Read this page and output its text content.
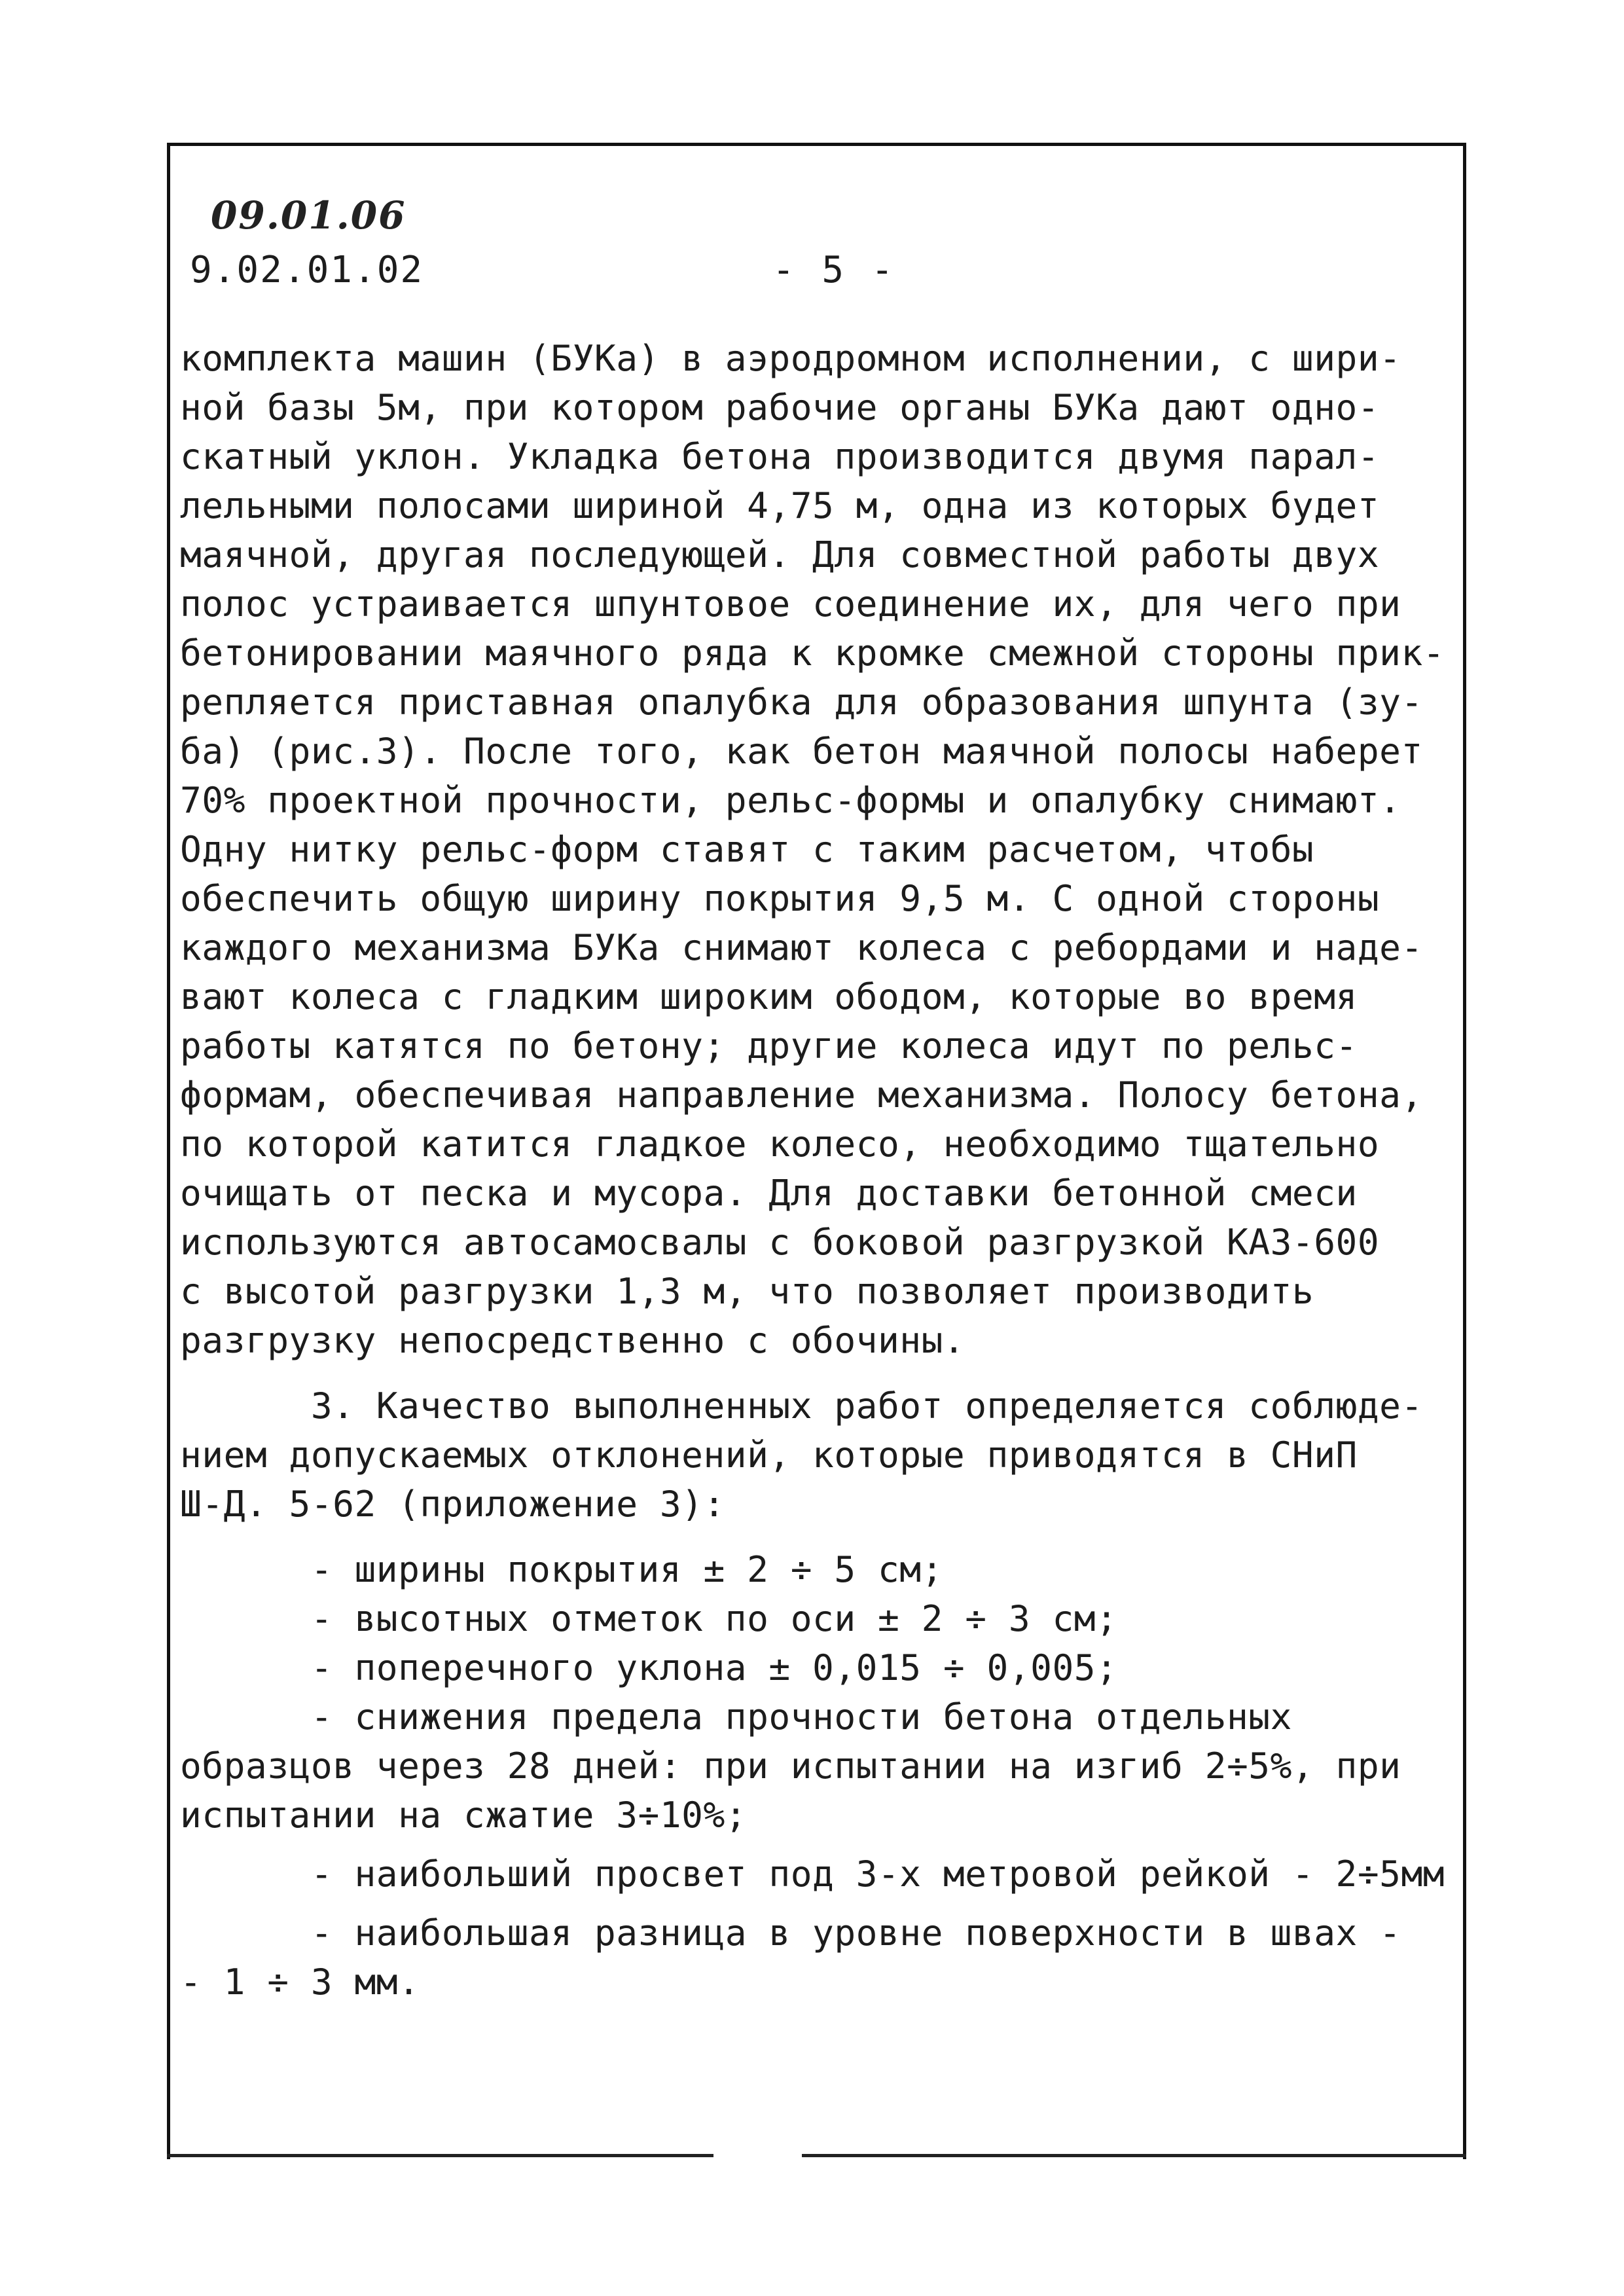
09.01.06
9.02.01.02	- 5 -
комплекта машин (БУКа) в аэродромном исполнении, с шири-
ной базы 5м, при котором рабочие органы БУКа дают одно-
скатный уклон. Укладка бетона производится двумя парал-
лельными полосами шириной 4,75 м, одна из которых будет
маячной, другая последующей. Для совместной работы двух
полос устраивается шпунтовое соединение их, для чего при
бетонировании маячного ряда к кромке смежной стороны прик-
репляется приставная опалубка для образования шпунта (зу-
ба) (рис.3). После того, как бетон маячной полосы наберет
70% проектной прочности, рельс-формы и опалубку снимают.
Одну нитку рельс-форм ставят с таким расчетом, чтобы
обеспечить общую ширину покрытия 9,5 м. С одной стороны
каждого механизма БУКа снимают колеса с ребордами и наде-
вают колеса с гладким широким ободом, которые во время
работы катятся по бетону; другие колеса идут по рельс-
формам, обеспечивая направление механизма. Полосу бетона,
по которой катится гладкое колесо, необходимо тщательно
очищать от песка и мусора. Для доставки бетонной смеси
используются автосамосвалы с боковой разгрузкой КАЗ-600
с высотой разгрузки 1,3 м, что позволяет производить
разгрузку непосредственно с обочины.
3. Качество выполненных работ определяется соблюде-
нием допускаемых отклонений, которые приводятся в СНиП
Ш-Д. 5-62 (приложение 3):
- ширины покрытия ± 2 ÷ 5 см;
- высотных отметок по оси ± 2 ÷ 3 см;
- поперечного уклона ± 0,015 ÷ 0,005;
- снижения предела прочности бетона отдельных
образцов через 28 дней: при испытании на изгиб 2÷5%, при
испытании на сжатие 3÷10%;
- наибольший просвет под 3-х метровой рейкой - 2÷5мм
- наибольшая разница в уровне поверхности в швах -
- 1 ÷ 3 мм.
